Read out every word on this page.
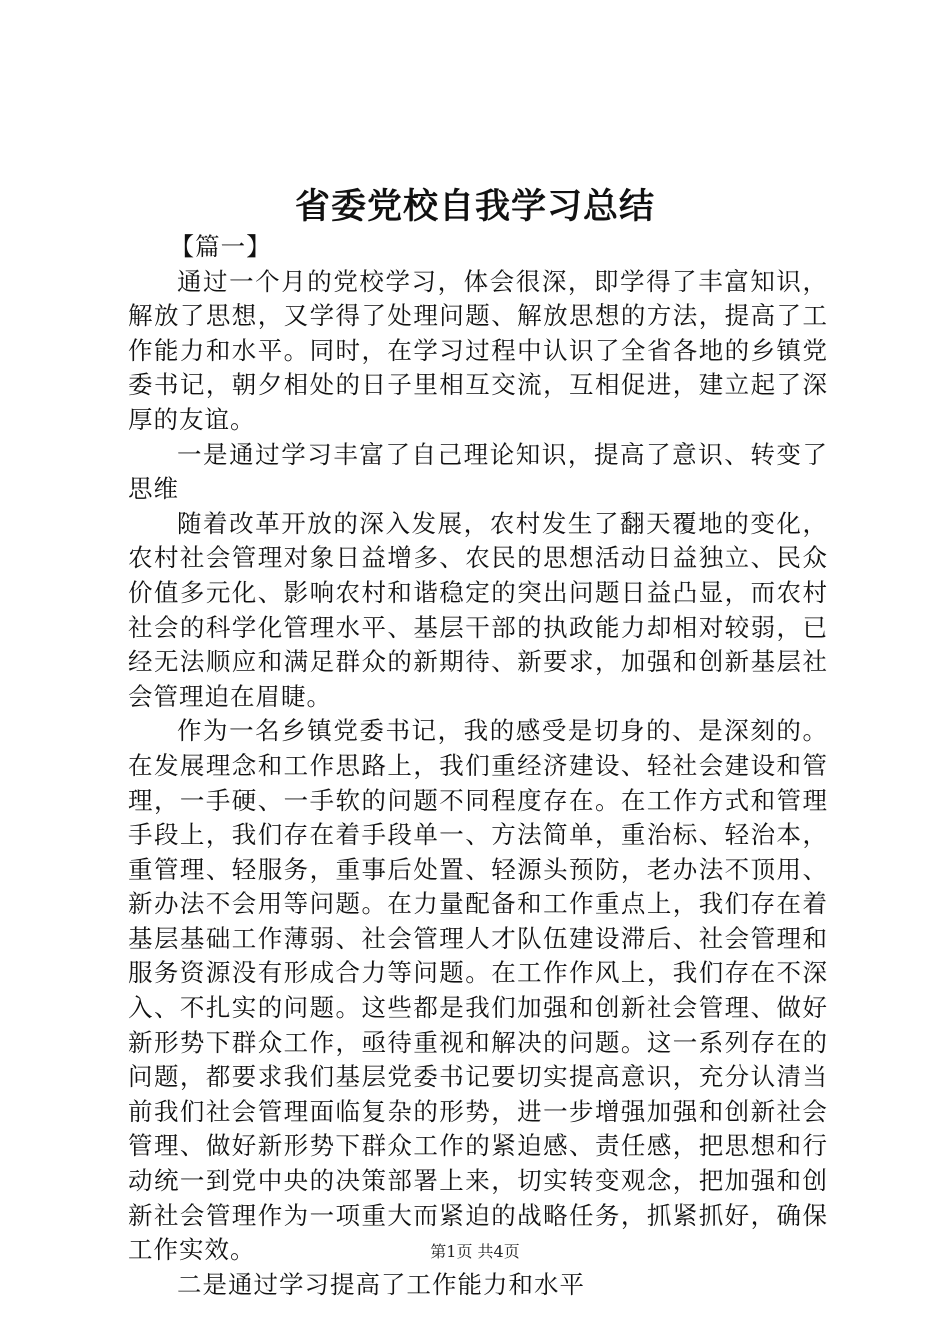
省委党校自我学习总结

【篇一】

通过一个月的党校学习，体会很深，即学得了丰富知识，解放了思想，又学得了处理问题、解放思想的方法，提高了工作能力和水平。同时，在学习过程中认识了全省各地的乡镇党委书记，朝夕相处的日子里相互交流，互相促进，建立起了深厚的友谊。

一是通过学习丰富了自己理论知识，提高了意识、转变了思维

随着改革开放的深入发展，农村发生了翻天覆地的变化，农村社会管理对象日益增多、农民的思想活动日益独立、民众价值多元化、影响农村和谐稳定的突出问题日益凸显，而农村社会的科学化管理水平、基层干部的执政能力却相对较弱，已经无法顺应和满足群众的新期待、新要求，加强和创新基层社会管理迫在眉睫。

作为一名乡镇党委书记，我的感受是切身的、是深刻的。在发展理念和工作思路上，我们重经济建设、轻社会建设和管理，一手硬、一手软的问题不同程度存在。在工作方式和管理手段上，我们存在着手段单一、方法简单，重治标、轻治本，重管理、轻服务，重事后处置、轻源头预防，老办法不顶用、新办法不会用等问题。在力量配备和工作重点上，我们存在着基层基础工作薄弱、社会管理人才队伍建设滞后、社会管理和服务资源没有形成合力等问题。在工作作风上，我们存在不深入、不扎实的问题。这些都是我们加强和创新社会管理、做好新形势下群众工作，亟待重视和解决的问题。这一系列存在的问题，都要求我们基层党委书记要切实提高意识，充分认清当前我们社会管理面临复杂的形势，进一步增强加强和创新社会管理、做好新形势下群众工作的紧迫感、责任感，把思想和行动统一到党中央的决策部署上来，切实转变观念，把加强和创新社会管理作为一项重大而紧迫的战略任务，抓紧抓好，确保工作实效。

二是通过学习提高了工作能力和水平

第1页 共4页
